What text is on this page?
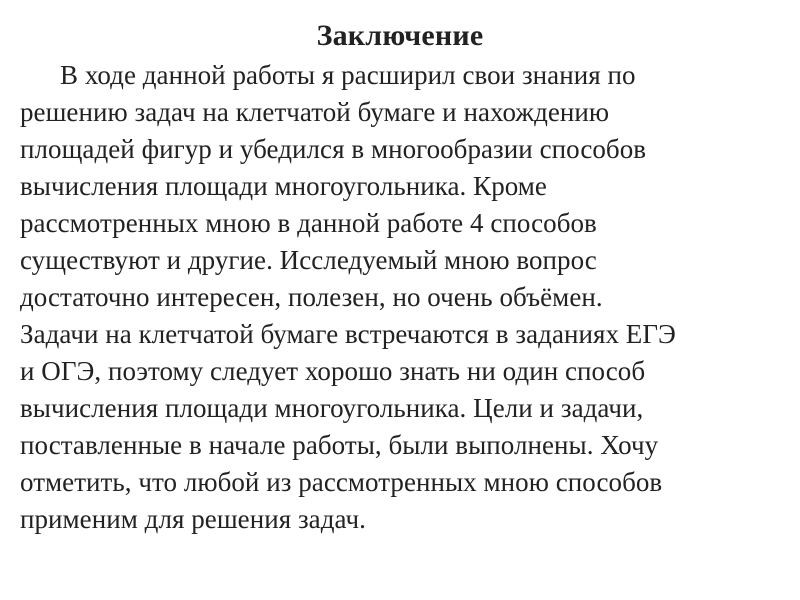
Заключение
В ходе данной работы я расширил свои знания по
решению задач на клетчатой бумаге и нахождению
площадей фигур и убедился в многообразии способов
вычисления площади многоугольника. Кроме
рассмотренных мною в данной работе 4 способов
существуют и другие. Исследуемый мною вопрос
достаточно интересен, полезен, но очень объёмен.
Задачи на клетчатой бумаге встречаются в заданиях ЕГЭ
и ОГЭ, поэтому следует хорошо знать ни один способ
вычисления площади многоугольника. Цели и задачи,
поставленные в начале работы, были выполнены. Хочу
отметить, что любой из рассмотренных мною способов
применим для решения задач.
